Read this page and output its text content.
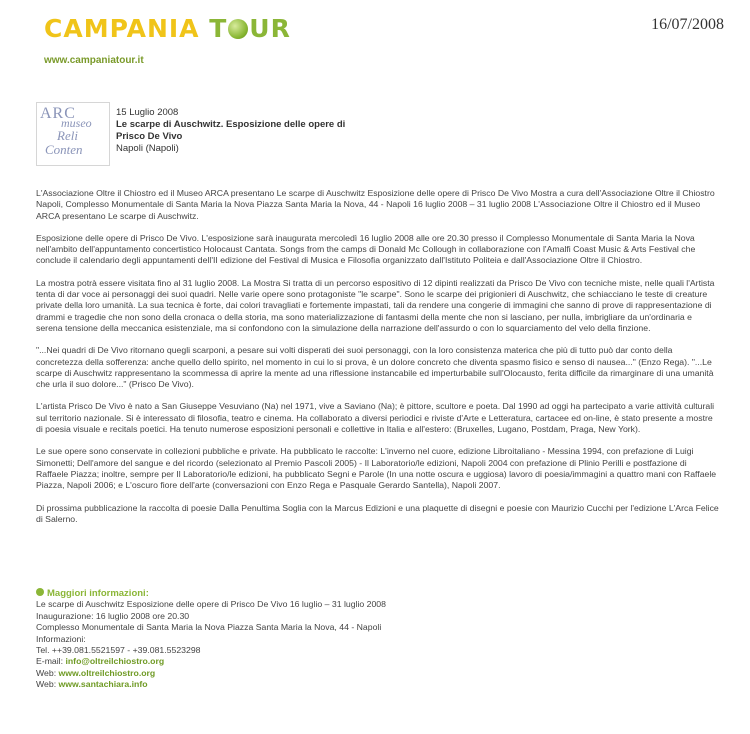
CAMPANIA T UR
www.campaniatour.it
16/07/2008
ARC
museo
Reli
Conten
15 Luglio 2008

Le scarpe di Auschwitz. Esposizione delle opere di
Prisco De Vivo
Napoli (Napoli)

L'Associazione Oltre il Chiostro ed il Museo ARCA presentano Le scarpe di Auschwitz Esposizione delle opere di Prisco De Vivo Mostra a cura dell'Associazione Oltre il Chiostro Napoli, Complesso Monumentale di Santa Maria la Nova Piazza Santa Maria la Nova, 44 - Napoli 16 luglio 2008 – 31 luglio 2008 L'Associazione Oltre il Chiostro ed il Museo ARCA presentano Le scarpe di Auschwitz.

Esposizione delle opere di Prisco De Vivo. L'esposizione sarà inaugurata mercoledì 16 luglio 2008 alle ore 20.30 presso il Complesso Monumentale di Santa Maria la Nova nell'ambito dell'appuntamento concertistico Holocaust Cantata. Songs from the camps di Donald Mc Collough in collaborazione con l'Amalfi Coast Music & Arts Festival che conclude il calendario degli appuntamenti dell'II edizione del Festival di Musica e Filosofia organizzato dall'Istituto Politeia e dall'Associazione Oltre il Chiostro.

La mostra potrà essere visitata fino al 31 luglio 2008. La Mostra Si tratta di un percorso espositivo di 12 dipinti realizzati da Prisco De Vivo con tecniche miste, nelle quali l'Artista tenta di dar voce ai personaggi dei suoi quadri. Nelle varie opere sono protagoniste "le scarpe". Sono le scarpe dei prigionieri di Auschwitz, che schiacciano le teste di creature private della loro umanità. La sua tecnica è forte, dai colori travagliati e fortemente impastati, tali da rendere una congerie di immagini che sanno di prove di rappresentazione di drammi e tragedie che non sono della cronaca o della storia, ma sono materializzazione di fantasmi della mente che non si lasciano, per nulla, imbrigliare da un'ordinaria e serena tensione della meccanica esistenziale, ma si confondono con la simulazione della narrazione dell'assurdo o con lo squarciamento del velo della finzione.

"...Nei quadri di De Vivo ritornano quegli scarponi, a pesare sui volti disperati dei suoi personaggi, con la loro consistenza materica che più di tutto può dar conto della concretezza della sofferenza: anche quello dello spirito, nel momento in cui lo si prova, è un dolore concreto che diventa spasmo fisico e senso di nausea..." (Enzo Rega). "...Le scarpe di Auschwitz rappresentano la scommessa di aprire la mente ad una riflessione instancabile ed imperturbabile sull'Olocausto, ferita difficile da rimarginare di una umanità che urla il suo dolore..." (Prisco De Vivo).

L'artista Prisco De Vivo è nato a San Giuseppe Vesuviano (Na) nel 1971, vive a Saviano (Na); è pittore, scultore e poeta. Dal 1990 ad oggi ha partecipato a varie attività culturali sul territorio nazionale. Si è interessato di filosofia, teatro e cinema. Ha collaborato a diversi periodici e riviste d'Arte e Letteratura, cartacee ed on-line, è stato presente a mostre di poesia visuale e recitals poetici. Ha tenuto numerose esposizioni personali e collettive in Italia e all'estero: (Bruxelles, Lugano, Postdam, Praga, New York).

Le sue opere sono conservate in collezioni pubbliche e private. Ha pubblicato le raccolte: L'inverno nel cuore, edizione Libroitaliano - Messina 1994, con prefazione di Luigi Simonetti; Dell'amore del sangue e del ricordo (selezionato al Premio Pascoli 2005) - Il Laboratorio/le edizioni, Napoli 2004 con prefazione di Plinio Perilli e postfazione di Raffaele Piazza; inoltre, sempre per Il Laboratorio/le edizioni, ha pubblicato Segni e Parole (In una notte oscura e uggiosa) lavoro di poesia/immagini a quattro mani con Raffaele Piazza, Napoli 2006; e L'oscuro fiore dell'arte (conversazioni con Enzo Rega e Pasquale Gerardo Santella), Napoli 2007.

Di prossima pubblicazione la raccolta di poesie Dalla Penultima Soglia con la Marcus Edizioni e una plaquette di disegni e poesie con Maurizio Cucchi per l'edizione L'Arca Felice di Salerno.

Maggiori informazioni:
Le scarpe di Auschwitz Esposizione delle opere di Prisco De Vivo 16 luglio – 31 luglio 2008
Inaugurazione: 16 luglio 2008 ore 20.30
Complesso Monumentale di Santa Maria la Nova Piazza Santa Maria la Nova, 44 - Napoli
Informazioni:
Tel. ++39.081.5521597 - +39.081.5523298
E-mail: info@oltreilchiostro.org
Web: www.oltreilchiostro.org
Web: www.santachiara.info
